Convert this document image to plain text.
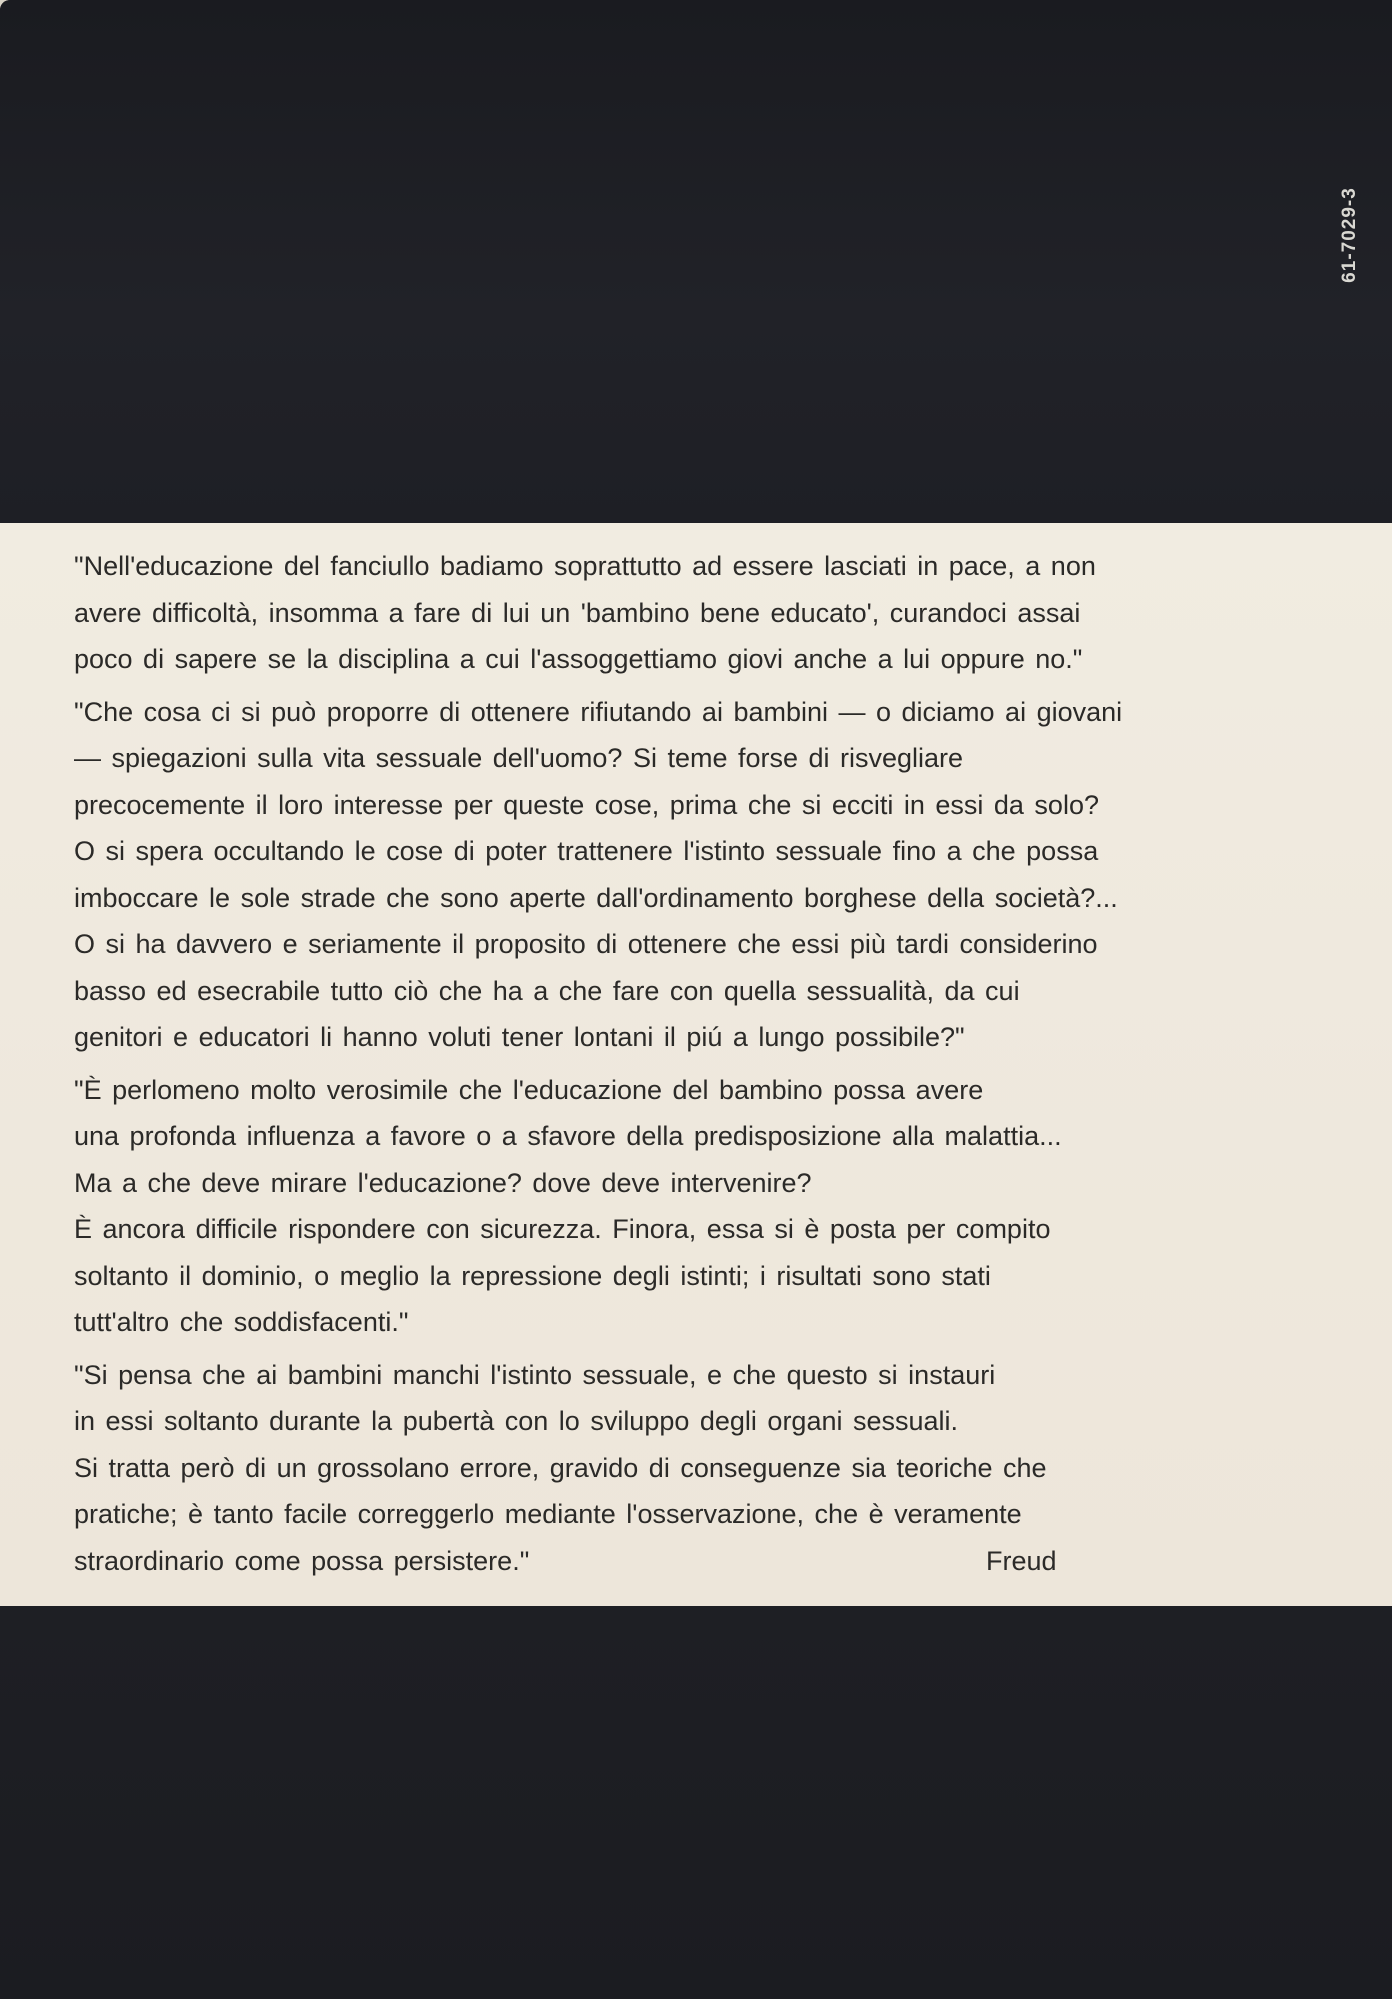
61-7029-3
"Nell'educazione del fanciullo badiamo soprattutto ad essere lasciati in pace, a non
avere difficoltà, insomma a fare di lui un 'bambino bene educato', curandoci assai
poco di sapere se la disciplina a cui l'assoggettiamo giovi anche a lui oppure no."
"Che cosa ci si può proporre di ottenere rifiutando ai bambini — o diciamo ai giovani
— spiegazioni sulla vita sessuale dell'uomo? Si teme forse di risvegliare
precocemente il loro interesse per queste cose, prima che si ecciti in essi da solo?
O si spera occultando le cose di poter trattenere l'istinto sessuale fino a che possa
imboccare le sole strade che sono aperte dall'ordinamento borghese della società?...
O si ha davvero e seriamente il proposito di ottenere che essi più tardi considerino
basso ed esecrabile tutto ciò che ha a che fare con quella sessualità, da cui
genitori e educatori li hanno voluti tener lontani il piú a lungo possibile?"
"È perlomeno molto verosimile che l'educazione del bambino possa avere
una profonda influenza a favore o a sfavore della predisposizione alla malattia...
Ma a che deve mirare l'educazione? dove deve intervenire?
È ancora difficile rispondere con sicurezza. Finora, essa si è posta per compito
soltanto il dominio, o meglio la repressione degli istinti; i risultati sono stati
tutt'altro che soddisfacenti."
"Si pensa che ai bambini manchi l'istinto sessuale, e che questo si instauri
in essi soltanto durante la pubertà con lo sviluppo degli organi sessuali.
Si tratta però di un grossolano errore, gravido di conseguenze sia teoriche che
pratiche; è tanto facile correggerlo mediante l'osservazione, che è veramente
straordinario come possa persistere."	Freud
